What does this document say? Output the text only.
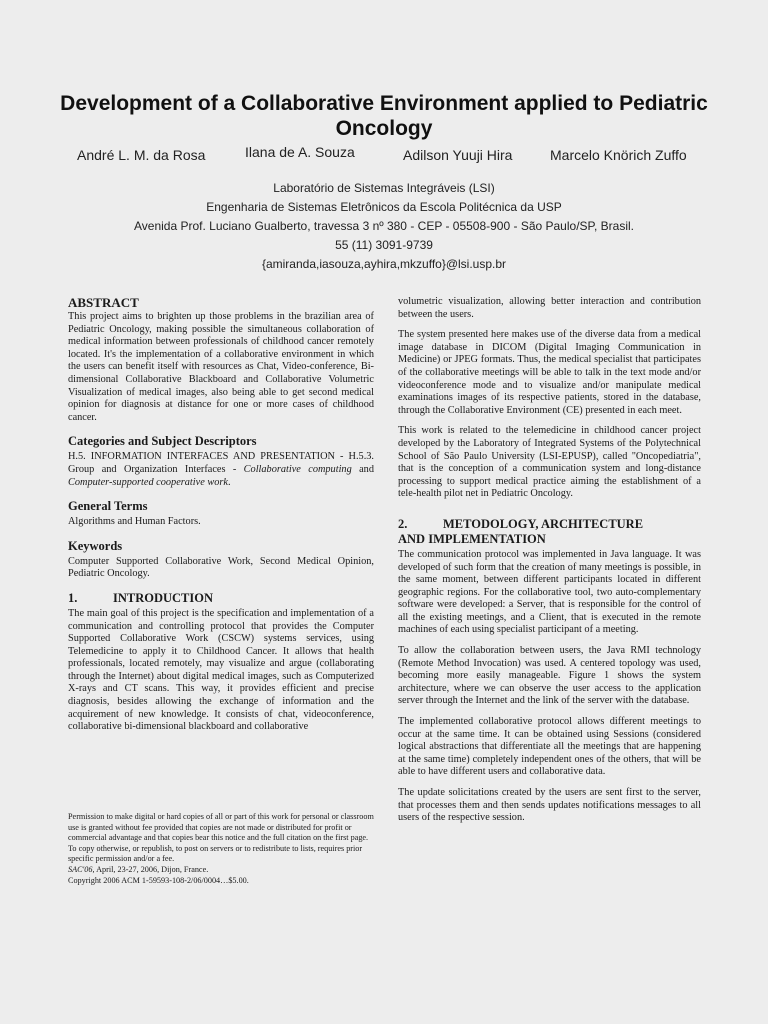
Development of a Collaborative Environment applied to Pediatric Oncology
André L. M. da Rosa	Ilana de A. Souza	Adilson Yuuji Hira	Marcelo Knörich Zuffo
Laboratório de Sistemas Integráveis (LSI)
Engenharia de Sistemas Eletrônicos da Escola Politécnica da USP
Avenida Prof. Luciano Gualberto, travessa 3 nº 380 - CEP - 05508-900 - São Paulo/SP, Brasil.
55 (11) 3091-9739
{amiranda,iasouza,ayhira,mkzuffo}@lsi.usp.br
ABSTRACT

This project aims to brighten up those problems in the brazilian area of Pediatric Oncology, making possible the simultaneous collaboration of medical information between professionals of childhood cancer remotely located. It's the implementation of a collaborative environment in which the users can benefit itself with resources as Chat, Video-conference, Bi-dimensional Collaborative Blackboard and Collaborative Volumetric Visualization of medical images, also being able to get second medical opinion for diagnosis at distance for one or more cases of childhood cancer.

Categories and Subject Descriptors

H.5. INFORMATION INTERFACES AND PRESENTATION - H.5.3. Group and Organization Interfaces - Collaborative computing and Computer-supported cooperative work.

General Terms

Algorithms and Human Factors.

Keywords

Computer Supported Collaborative Work, Second Medical Opinion, Pediatric Oncology.

1.	INTRODUCTION

The main goal of this project is the specification and implementation of a communication and controlling protocol that provides the Computer Supported Collaborative Work (CSCW) systems services, using Telemedicine to apply it to Childhood Cancer. It allows that health professionals, located remotely, may visualize and argue (collaborating through the Internet) about digital medical images, such as Computerized X-rays and CT scans. This way, it provides efficient and precise diagnosis, besides allowing the exchange of information and the acquirement of new knowledge. It consists of chat, videoconference, collaborative bi-dimensional blackboard and collaborative

Permission to make digital or hard copies of all or part of this work for personal or classroom use is granted without fee provided that copies are not made or distributed for profit or commercial advantage and that copies bear this notice and the full citation on the first page. To copy otherwise, or republish, to post on servers or to redistribute to lists, requires prior specific permission and/or a fee.
SAC'06, April, 23-27, 2006, Dijon, France.
Copyright 2006 ACM 1-59593-108-2/06/0004…$5.00.

volumetric visualization, allowing better interaction and contribution between the users.

The system presented here makes use of the diverse data from a medical image database in DICOM (Digital Imaging Communication in Medicine) or JPEG formats. Thus, the medical specialist that participates of the collaborative meetings will be able to talk in the text mode and/or videoconference mode and to visualize and/or manipulate medical examinations images of its respective patients, stored in the database, through the Collaborative Environment (CE) presented in each meet.

This work is related to the telemedicine in childhood cancer project developed by the Laboratory of Integrated Systems of the Polytechnical School of São Paulo University (LSI-EPUSP), called "Oncopediatria", that is the conception of a communication system and long-distance processing to support medical practice aiming the establishment of a tele-health pilot net in Pediatric Oncology.

2.	METODOLOGY, ARCHITECTURE
AND IMPLEMENTATION

The communication protocol was implemented in Java language. It was developed of such form that the creation of many meetings is possible, in the same moment, between different participants located in different geographic regions. For the collaborative tool, two auto-complementary software were developed: a Server, that is responsible for the control of all the existing meetings, and a Client, that is executed in the remote machines of each using specialist participant of a meeting.

To allow the collaboration between users, the Java RMI technology (Remote Method Invocation) was used. A centered topology was used, becoming more easily manageable. Figure 1 shows the system architecture, where we can observe the user access to the application server through the Internet and the link of the server with the database.

The implemented collaborative protocol allows different meetings to occur at the same time. It can be obtained using Sessions (considered logical abstractions that differentiate all the meetings that are happening at the same time) completely independent ones of the others, that will be able to have different users and collaborative data.

The update solicitations created by the users are sent first to the server, that processes them and then sends updates notifications messages to all users of the respective session.
